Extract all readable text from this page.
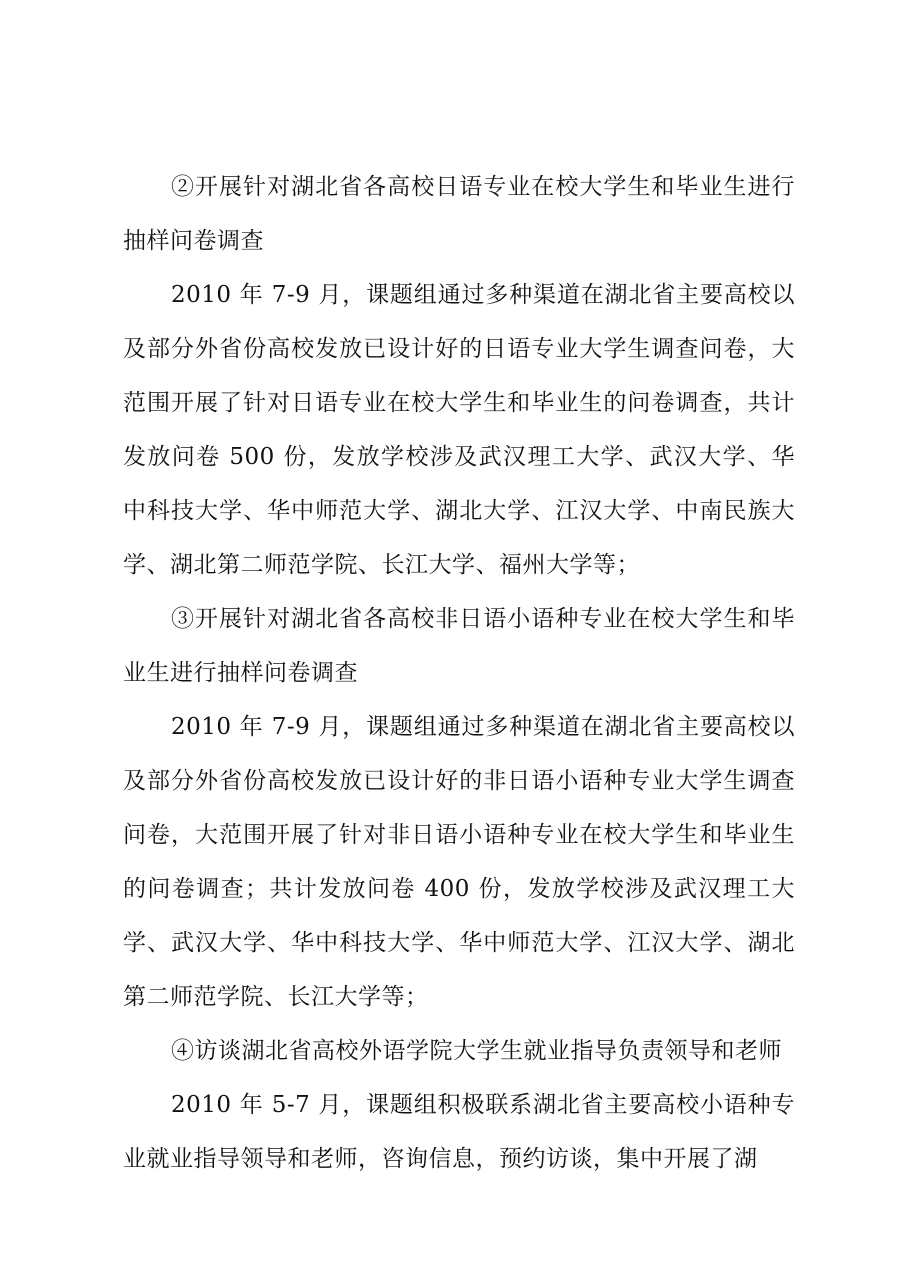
②开展针对湖北省各高校日语专业在校大学生和毕业生进行抽样问卷调查

2010 年 7-9 月，课题组通过多种渠道在湖北省主要高校以及部分外省份高校发放已设计好的日语专业大学生调查问卷，大范围开展了针对日语专业在校大学生和毕业生的问卷调查，共计发放问卷 500 份，发放学校涉及武汉理工大学、武汉大学、华中科技大学、华中师范大学、湖北大学、江汉大学、中南民族大学、湖北第二师范学院、长江大学、福州大学等；

③开展针对湖北省各高校非日语小语种专业在校大学生和毕业生进行抽样问卷调查

2010 年 7-9 月，课题组通过多种渠道在湖北省主要高校以及部分外省份高校发放已设计好的非日语小语种专业大学生调查问卷，大范围开展了针对非日语小语种专业在校大学生和毕业生的问卷调查；共计发放问卷 400 份，发放学校涉及武汉理工大学、武汉大学、华中科技大学、华中师范大学、江汉大学、湖北第二师范学院、长江大学等；

④访谈湖北省高校外语学院大学生就业指导负责领导和老师

2010 年 5-7 月，课题组积极联系湖北省主要高校小语种专业就业指导领导和老师，咨询信息，预约访谈，集中开展了湖
